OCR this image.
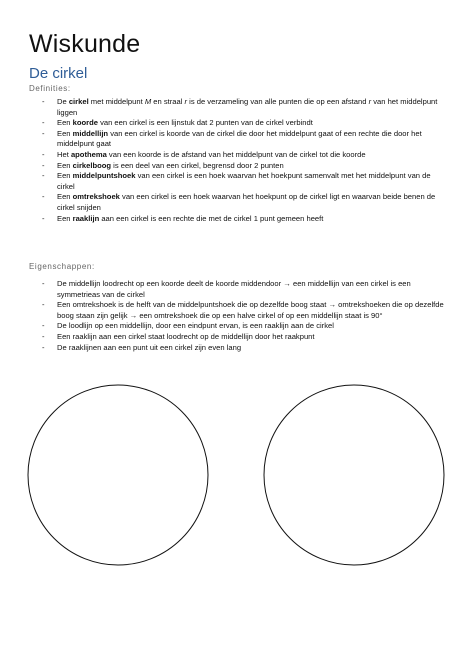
Wiskunde
De cirkel
Definities:
- De cirkel met middelpunt M en straal r is de verzameling van alle punten die op een afstand r van het middelpunt liggen
- Een koorde van een cirkel is een lijnstuk dat 2 punten van de cirkel verbindt
- Een middellijn van een cirkel is koorde van de cirkel die door het middelpunt gaat of een rechte die door het middelpunt gaat
- Het apothema van een koorde is de afstand van het middelpunt van de cirkel tot die koorde
- Een cirkelboog is een deel van een cirkel, begrensd door 2 punten
- Een middelpuntshoek van een cirkel is een hoek waarvan het hoekpunt samenvalt met het middelpunt van de cirkel
- Een omtrekshoek van een cirkel is een hoek waarvan het hoekpunt op de cirkel ligt en waarvan beide benen de cirkel snijden
- Een raaklijn aan een cirkel is een rechte die met de cirkel 1 punt gemeen heeft
Eigenschappen:
- De middellijn loodrecht op een koorde deelt de koorde middendoor → een middellijn van een cirkel is een symmetrieas van de cirkel
- Een omtrekshoek is de helft van de middelpuntshoek die op dezelfde boog staat → omtrekshoeken die op dezelfde boog staan zijn gelijk → een omtrekshoek die op een halve cirkel of op een middellijn staat is 90°
- De loodlijn op een middellijn, door een eindpunt ervan, is een raaklijn aan de cirkel
- Een raaklijn aan een cirkel staat loodrecht op de middellijn door het raakpunt
- De raaklijnen aan een punt uit een cirkel zijn even lang
